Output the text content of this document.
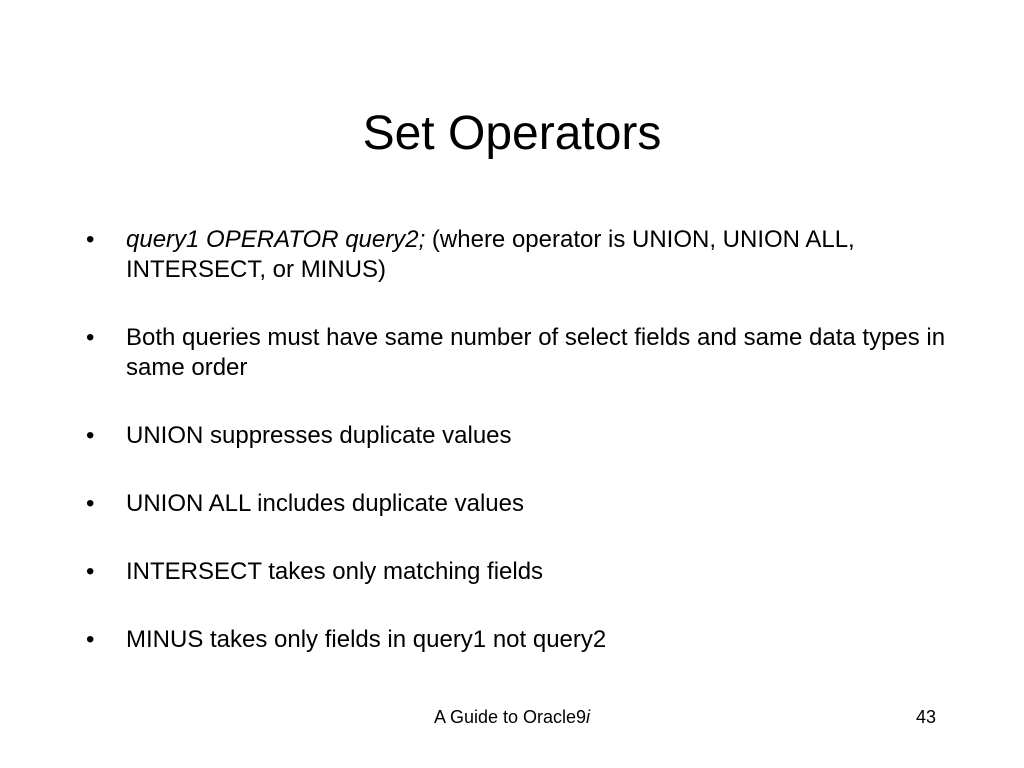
Set Operators
•	query1 OPERATOR query2; (where operator is UNION, UNION ALL, INTERSECT, or MINUS)
•	Both queries must have same number of select fields and same data types in same order
•	UNION suppresses duplicate values
•	UNION ALL includes duplicate values
•	INTERSECT takes only matching fields
•	MINUS takes only fields in query1 not query2
A Guide to Oracle9i	43
